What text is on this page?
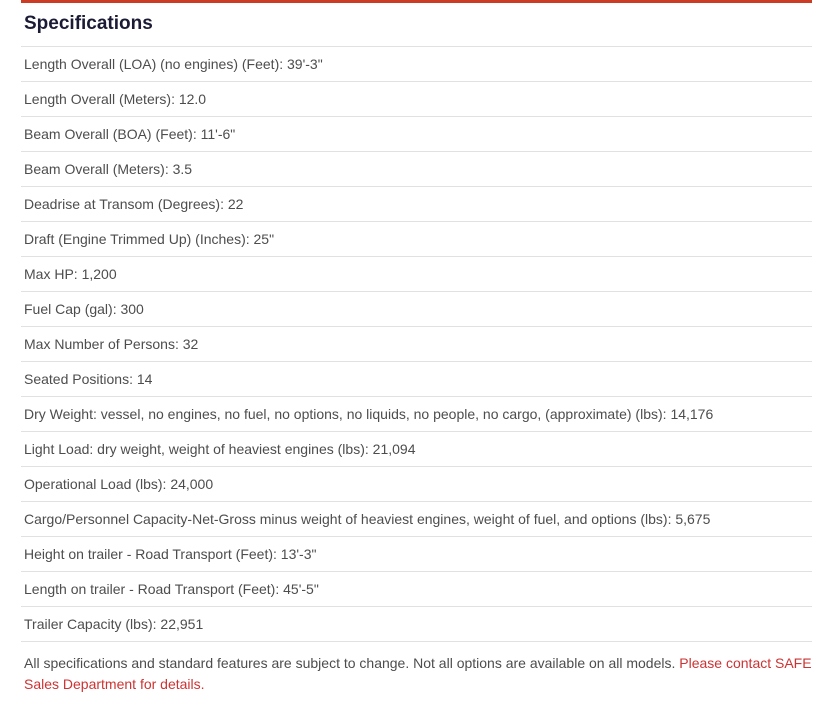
Specifications
Length Overall (LOA) (no engines) (Feet): 39'-3"
Length Overall (Meters): 12.0
Beam Overall (BOA) (Feet): 11'-6"
Beam Overall (Meters): 3.5
Deadrise at Transom (Degrees): 22
Draft (Engine Trimmed Up) (Inches): 25"
Max HP: 1,200
Fuel Cap (gal): 300
Max Number of Persons: 32
Seated Positions: 14
Dry Weight: vessel, no engines, no fuel, no options, no liquids, no people, no cargo, (approximate) (lbs): 14,176
Light Load: dry weight, weight of heaviest engines (lbs): 21,094
Operational Load (lbs): 24,000
Cargo/Personnel Capacity-Net-Gross minus weight of heaviest engines, weight of fuel, and options (lbs): 5,675
Height on trailer - Road Transport (Feet): 13'-3"
Length on trailer - Road Transport (Feet): 45'-5"
Trailer Capacity (lbs): 22,951

All specifications and standard features are subject to change. Not all options are available on all models. Please contact SAFE Sales Department for details.
